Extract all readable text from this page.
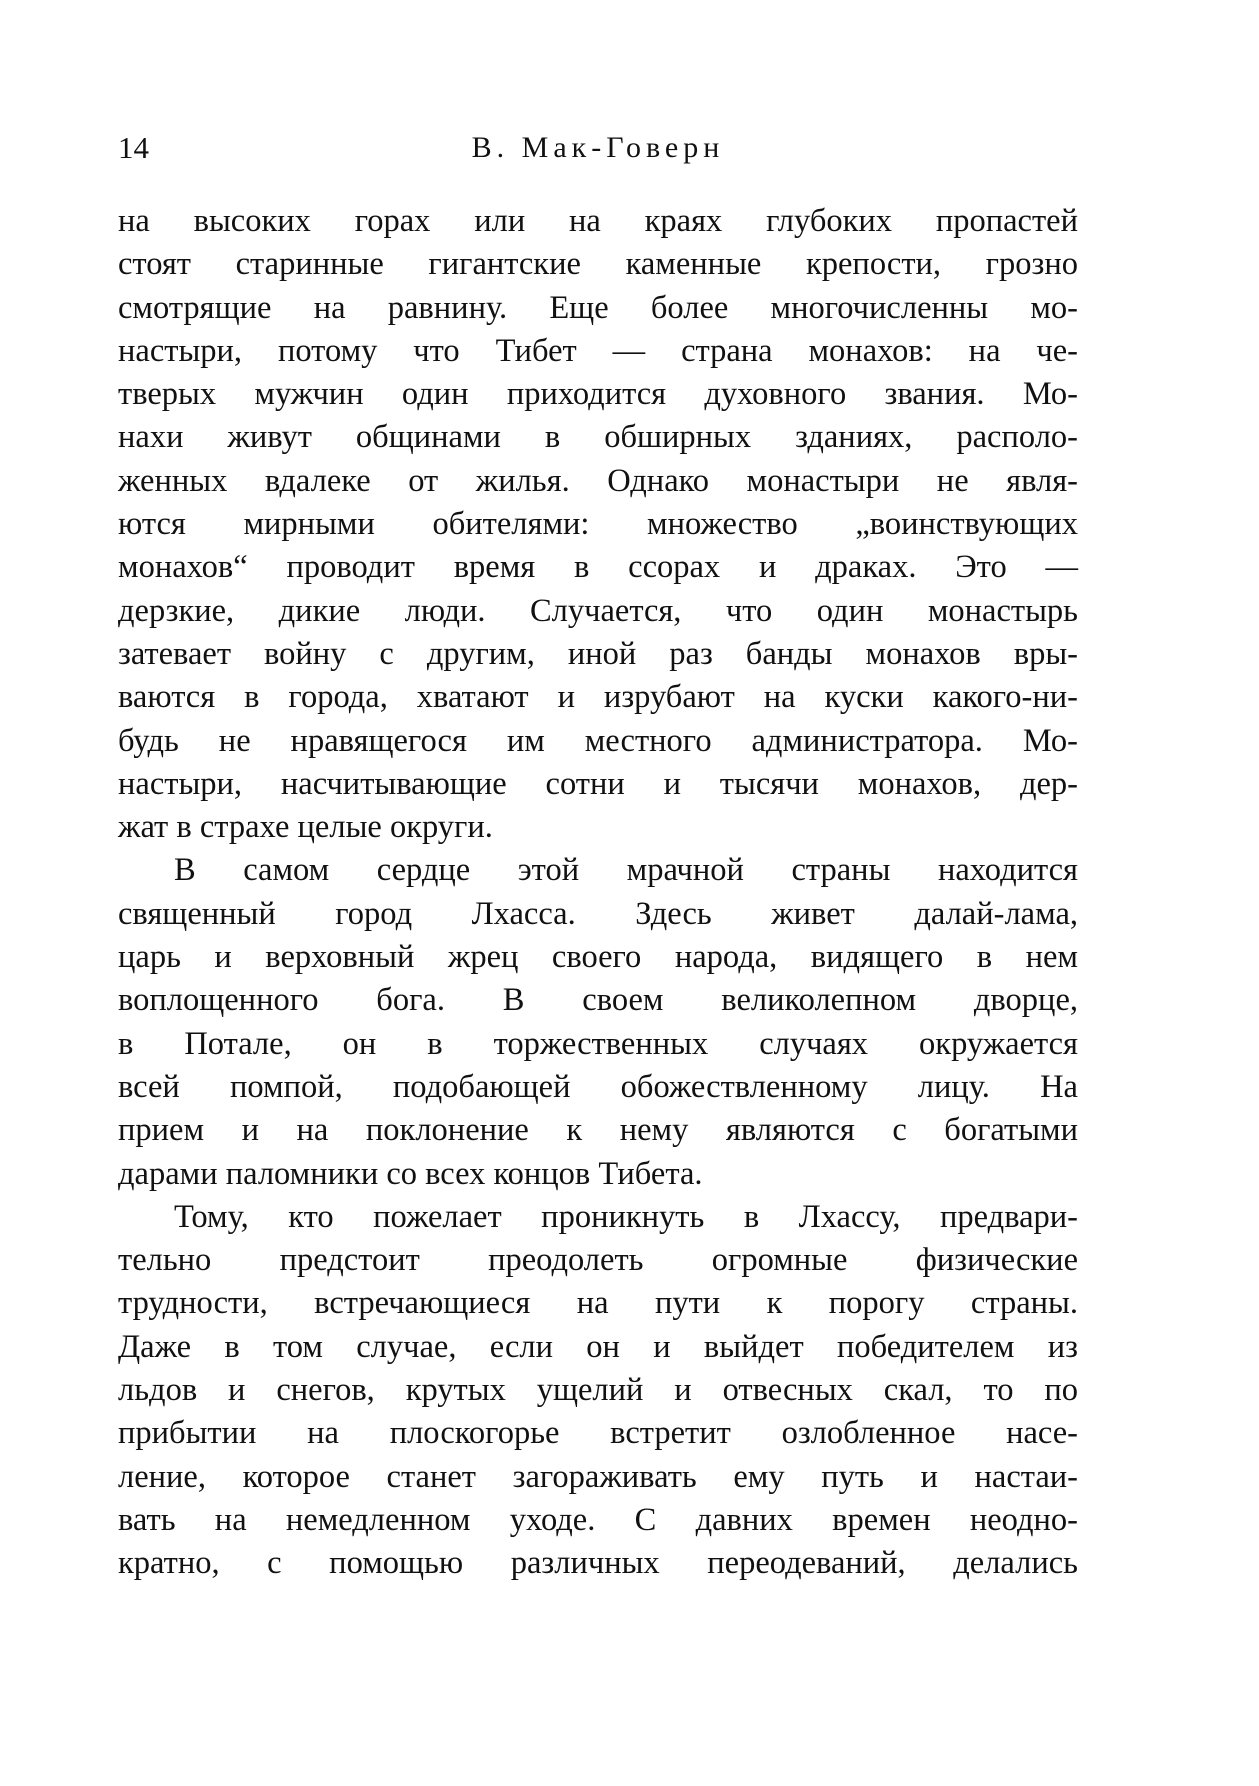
14	В. Мак-Говерн
на высоких горах или на краях глубоких пропастей
стоят старинные гигантские каменные крепости, грозно
смотрящие на равнину. Еще более многочисленны мо-
настыри, потому что Тибет — страна монахов: на че-
тверых мужчин один приходится духовного звания. Мо-
нахи живут общинами в обширных зданиях, располо-
женных вдалеке от жилья. Однако монастыри не явля-
ются мирными обителями: множество „воинствующих
монахов“ проводит время в ссорах и драках. Это —
дерзкие, дикие люди. Случается, что один монастырь
затевает войну с другим, иной раз банды монахов вры-
ваются в города, хватают и изрубают на куски какого-ни-
будь не нравящегося им местного администратора. Мо-
настыри, насчитывающие сотни и тысячи монахов, дер-
жат в страхе целые округи.
В самом сердце этой мрачной страны находится
священный город Лхасса. Здесь живет далай-лама,
царь и верховный жрец своего народа, видящего в нем
воплощенного бога. В своем великолепном дворце,
в Потале, он в торжественных случаях окружается
всей помпой, подобающей обожествленному лицу. На
прием и на поклонение к нему являются с богатыми
дарами паломники со всех концов Тибета.
Тому, кто пожелает проникнуть в Лхассу, предвари-
тельно предстоит преодолеть огромные физические
трудности, встречающиеся на пути к порогу страны.
Даже в том случае, если он и выйдет победителем из
льдов и снегов, крутых ущелий и отвесных скал, то по
прибытии на плоскогорье встретит озлобленное насе-
ление, которое станет загораживать ему путь и настаи-
вать на немедленном уходе. С давних времен неодно-
кратно, с помощью различных переодеваний, делались
